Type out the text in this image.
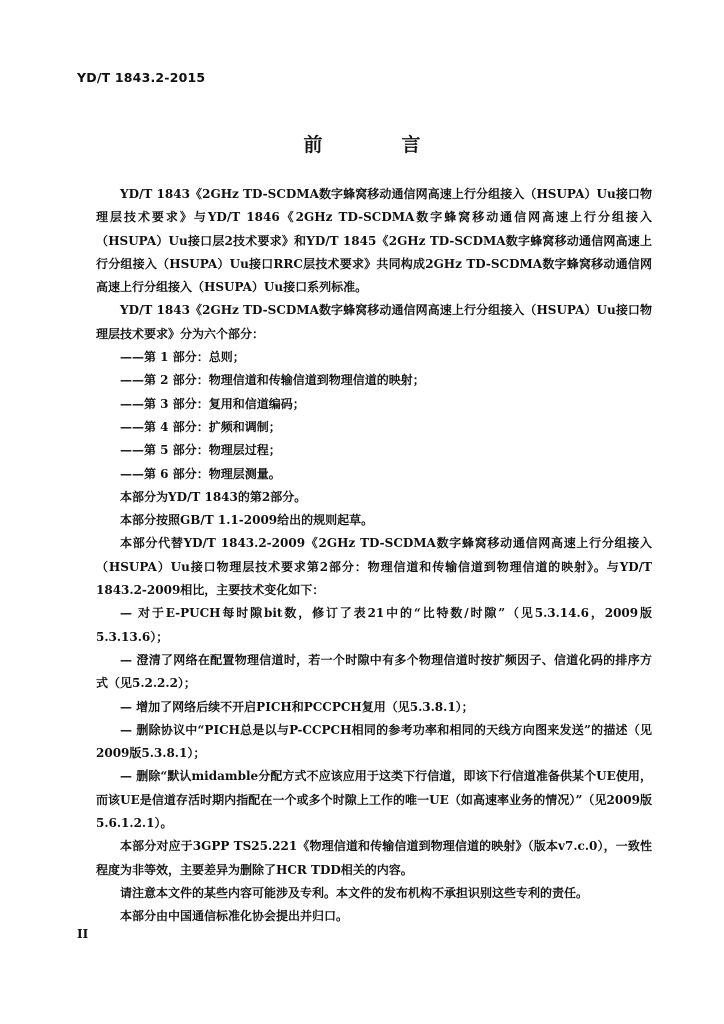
YD/T 1843.2-2015
前　言

YD/T 1843《2GHz TD-SCDMA数字蜂窝移动通信网高速上行分组接入（HSUPA）Uu接口物理层技术要求》与YD/T 1846《2GHz TD-SCDMA数字蜂窝移动通信网高速上行分组接入（HSUPA）Uu接口层2技术要求》和YD/T 1845《2GHz TD-SCDMA数字蜂窝移动通信网高速上行分组接入（HSUPA）Uu接口RRC层技术要求》共同构成2GHz TD-SCDMA数字蜂窝移动通信网高速上行分组接入（HSUPA）Uu接口系列标准。

YD/T 1843《2GHz TD-SCDMA数字蜂窝移动通信网高速上行分组接入（HSUPA）Uu接口物理层技术要求》分为六个部分：

——第 1 部分：总则；

——第 2 部分：物理信道和传输信道到物理信道的映射；

——第 3 部分：复用和信道编码；

——第 4 部分：扩频和调制；

——第 5 部分：物理层过程；

——第 6 部分：物理层测量。

本部分为YD/T 1843的第2部分。

本部分按照GB/T 1.1-2009给出的规则起草。

本部分代替YD/T 1843.2-2009《2GHz TD-SCDMA数字蜂窝移动通信网高速上行分组接入（HSUPA）Uu接口物理层技术要求第2部分：物理信道和传输信道到物理信道的映射》。与YD/T 1843.2-2009相比，主要技术变化如下：

— 对于E-PUCH每时隙bit数，修订了表21中的“比特数/时隙”（见5.3.14.6，2009版5.3.13.6）；

— 澄清了网络在配置物理信道时，若一个时隙中有多个物理信道时按扩频因子、信道化码的排序方式（见5.2.2.2）；

— 增加了网络后续不开启PICH和PCCPCH复用（见5.3.8.1）；

— 删除协议中“PICH总是以与P-CCPCH相同的参考功率和相同的天线方向图来发送”的描述（见2009版5.3.8.1）；

— 删除“默认midamble分配方式不应该应用于这类下行信道，即该下行信道准备供某个UE使用，而该UE是信道存活时期内指配在一个或多个时隙上工作的唯一UE（如高速率业务的情况）”（见2009版5.6.1.2.1）。

本部分对应于3GPP TS25.221《物理信道和传输信道到物理信道的映射》（版本v7.c.0），一致性程度为非等效，主要差异为删除了HCR TDD相关的内容。

请注意本文件的某些内容可能涉及专利。本文件的发布机构不承担识别这些专利的责任。

本部分由中国通信标准化协会提出并归口。

II
